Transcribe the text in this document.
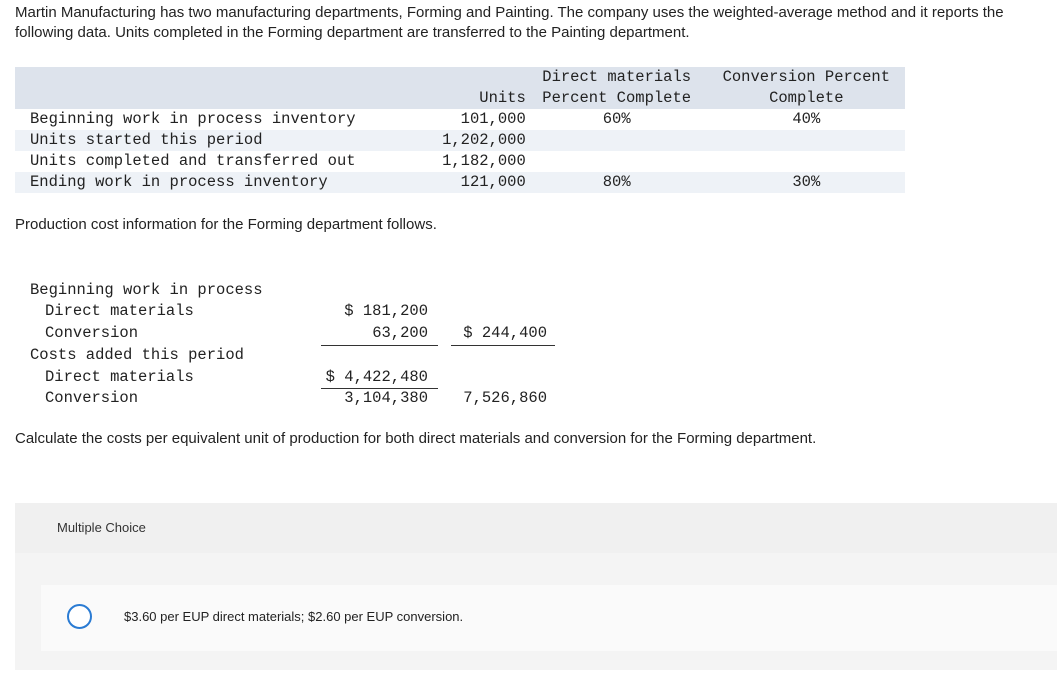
Martin Manufacturing has two manufacturing departments, Forming and Painting. The company uses the weighted-average method and it reports the following data. Units completed in the Forming department are transferred to the Painting department.
		Direct materials	Conversion Percent
	Units	Percent Complete	Complete
Beginning work in process inventory	101,000	60%	40%
Units started this period	1,202,000		
Units completed and transferred out	1,182,000		
Ending work in process inventory	121,000	80%	30%
Production cost information for the Forming department follows.
Beginning work in process
Direct materials	$ 181,200
Conversion	63,200	$ 244,400
Costs added this period
Direct materials	$ 4,422,480
Conversion	3,104,380	7,526,860
Calculate the costs per equivalent unit of production for both direct materials and conversion for the Forming department.
Multiple Choice
$3.60 per EUP direct materials; $2.60 per EUP conversion.
